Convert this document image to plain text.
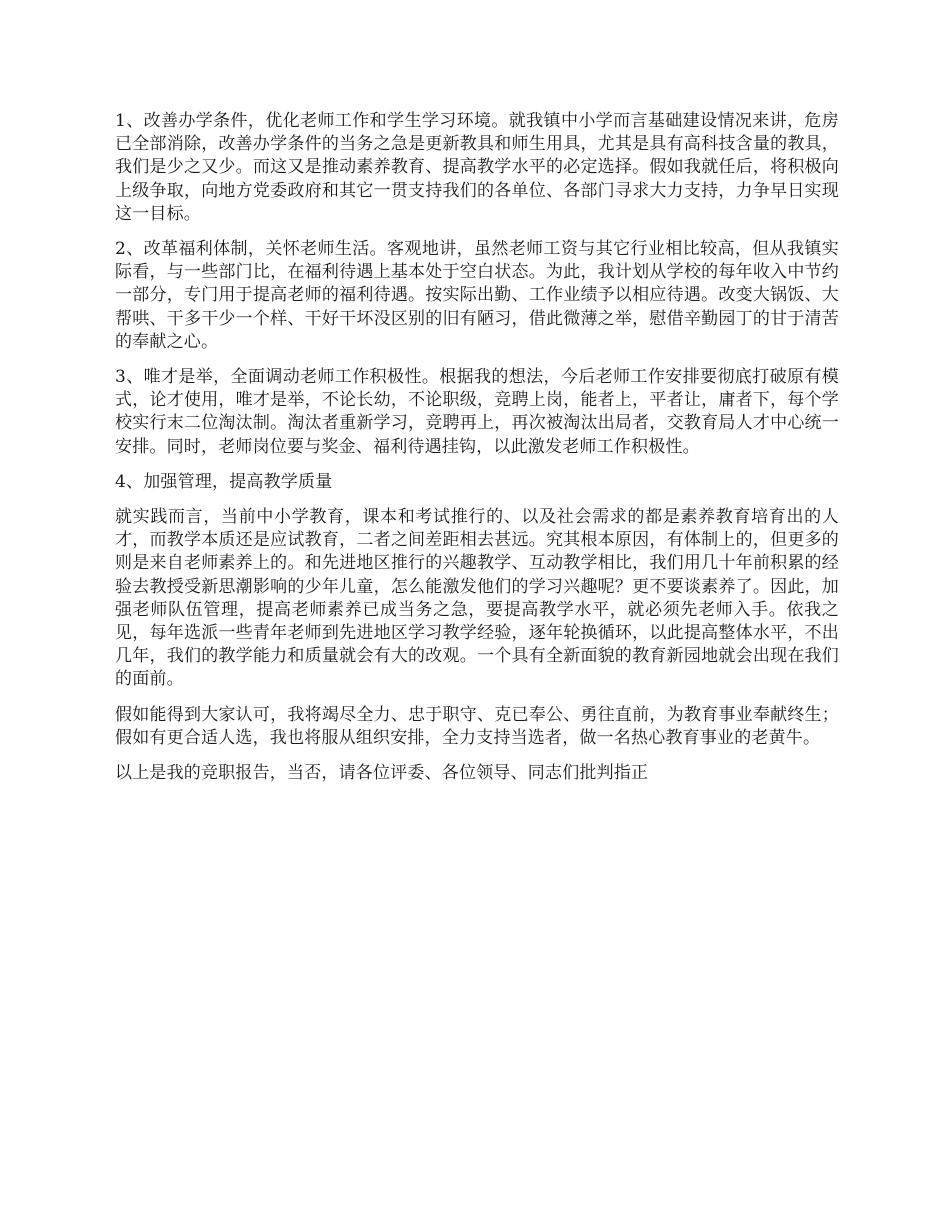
1、改善办学条件，优化老师工作和学生学习环境。就我镇中小学而言基础建设情况来讲，危房已全部消除，改善办学条件的当务之急是更新教具和师生用具，尤其是具有高科技含量的教具，我们是少之又少。而这又是推动素养教育、提高教学水平的必定选择。假如我就任后，将积极向上级争取，向地方党委政府和其它一贯支持我们的各单位、各部门寻求大力支持，力争早日实现这一目标。

2、改革福利体制，关怀老师生活。客观地讲，虽然老师工资与其它行业相比较高，但从我镇实际看，与一些部门比，在福利待遇上基本处于空白状态。为此，我计划从学校的每年收入中节约一部分，专门用于提高老师的福利待遇。按实际出勤、工作业绩予以相应待遇。改变大锅饭、大帮哄、干多干少一个样、干好干坏没区别的旧有陋习，借此微薄之举，慰借辛勤园丁的甘于清苦的奉献之心。

3、唯才是举，全面调动老师工作积极性。根据我的想法，今后老师工作安排要彻底打破原有模式，论才使用，唯才是举，不论长幼，不论职级，竞聘上岗，能者上，平者让，庸者下，每个学校实行末二位淘汰制。淘汰者重新学习，竞聘再上，再次被淘汰出局者，交教育局人才中心统一安排。同时，老师岗位要与奖金、福利待遇挂钩，以此激发老师工作积极性。

4、加强管理，提高教学质量

就实践而言，当前中小学教育，课本和考试推行的、以及社会需求的都是素养教育培育出的人才，而教学本质还是应试教育，二者之间差距相去甚远。究其根本原因，有体制上的，但更多的则是来自老师素养上的。和先进地区推行的兴趣教学、互动教学相比，我们用几十年前积累的经验去教授受新思潮影响的少年儿童，怎么能激发他们的学习兴趣呢？更不要谈素养了。因此，加强老师队伍管理，提高老师素养已成当务之急，要提高教学水平，就必须先老师入手。依我之见，每年选派一些青年老师到先进地区学习教学经验，逐年轮换循环，以此提高整体水平，不出几年，我们的教学能力和质量就会有大的改观。一个具有全新面貌的教育新园地就会出现在我们的面前。

假如能得到大家认可，我将竭尽全力、忠于职守、克已奉公、勇往直前，为教育事业奉献终生；假如有更合适人选，我也将服从组织安排，全力支持当选者，做一名热心教育事业的老黄牛。

以上是我的竞职报告，当否，请各位评委、各位领导、同志们批判指正
